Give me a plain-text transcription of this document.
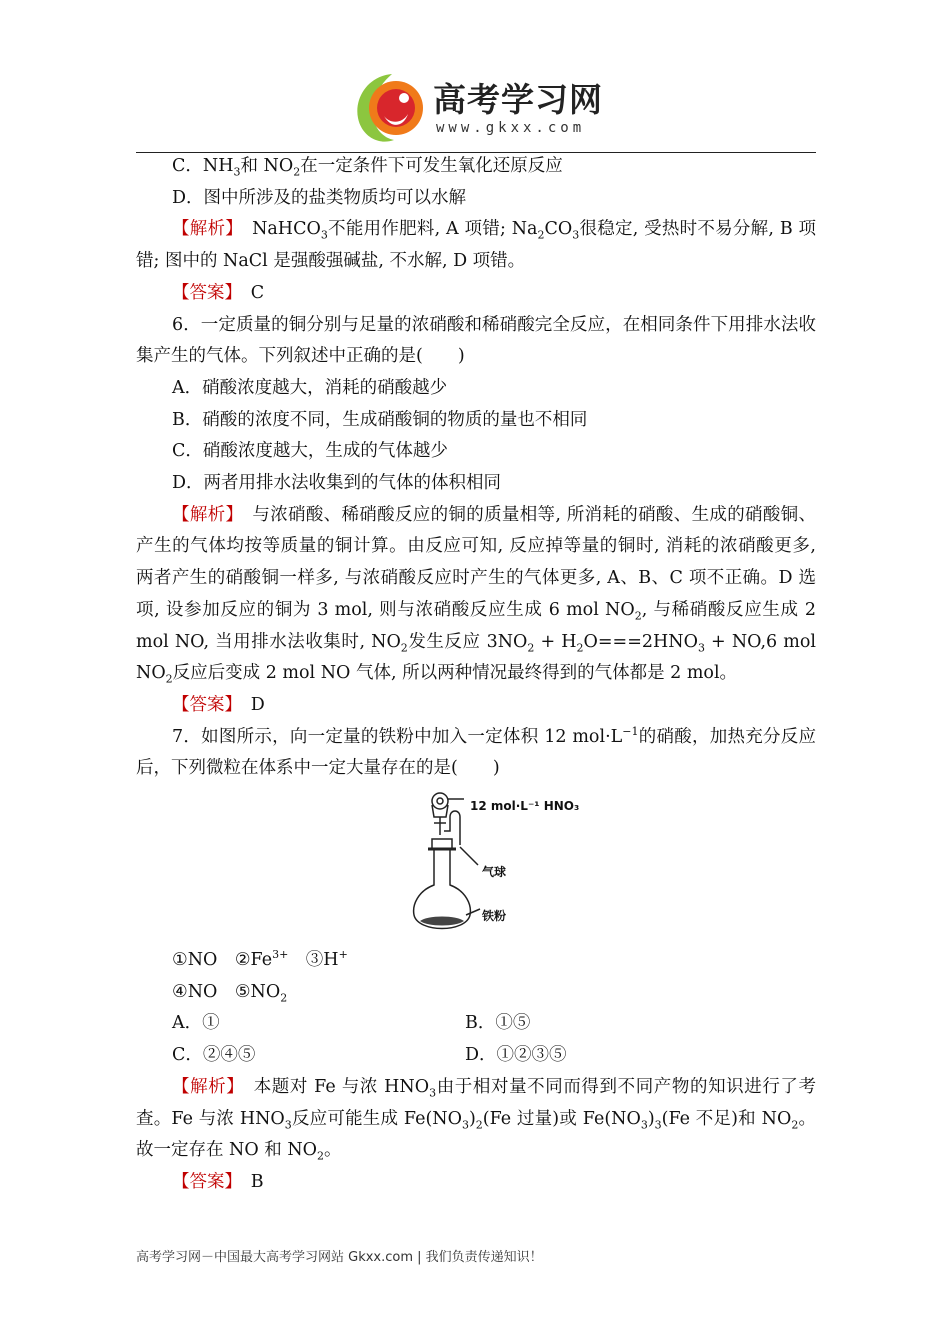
高考学习网
www.gkxx.com

C．$NH_3$和 $NO_2$在一定条件下可发生氧化还原反应

D．图中所涉及的盐类物质均可以水解

【解析】　 NaHCO$_3$不能用作肥料, A 项错; $Na_2CO_3$很稳定, 受热时不易分解, B 项错; 图中的 NaCl 是强酸强碱盐, 不水解, D 项错。

【答案】　 C

6．一定质量的铜分别与足量的浓硝酸和稀硝酸完全反应，在相同条件下用排水法收集产生的气体。下列叙述中正确的是(　　)

A．硝酸浓度越大，消耗的硝酸越少

B．硝酸的浓度不同，生成硝酸铜的物质的量也不相同

C．硝酸浓度越大，生成的气体越少

D．两者用排水法收集到的气体的体积相同

【解析】　 与浓硝酸、稀硝酸反应的铜的质量相等, 所消耗的硝酸、生成的硝酸铜、产生的气体均按等质量的铜计算。由反应可知, 反应掉等量的铜时, 消耗的浓硝酸更多, 两者产生的硝酸铜一样多, 与浓硝酸反应时产生的气体更多, A、B、C 项不正确。D 选项, 设参加反应的铜为 3 mol, 则与浓硝酸反应生成 6 mol $NO_2$, 与稀硝酸反应生成 2 mol NO, 当用排水法收集时, $NO_2$发生反应 $3NO_2 + H_2O===2HNO_3 + NO,6$ mol $NO_2$反应后变成 2 mol NO 气体, 所以两种情况最终得到的气体都是 2 mol。

【答案】　 D

7．如图所示，向一定量的铁粉中加入一定体积 12 $mol\cdot L^{-1}$的硝酸，加热充分反应后，下列微粒在体系中一定大量存在的是(　　)

12 mol·L⁻¹ HNO₃
气球
铁粉

①NO　$②Fe^{3+}$　③H+

④NO　$⑤NO_2$

A．①	B．①⑤
C．②④⑤	D．①②③⑤

【解析】　 本题对 Fe 与浓 $HNO_3$由于相对量不同而得到不同产物的知识进行了考查。Fe 与浓 $HNO_3$反应可能生成 $Fe(NO_3)_2(Fe$ 过量)或 $Fe(NO_3)_3(Fe$ 不足)和 $NO_2$。故一定存在 NO 和 $NO_2$。

【答案】　 B

高考学习网－中国最大高考学习网站 Gkxx.com | 我们负责传递知识！
